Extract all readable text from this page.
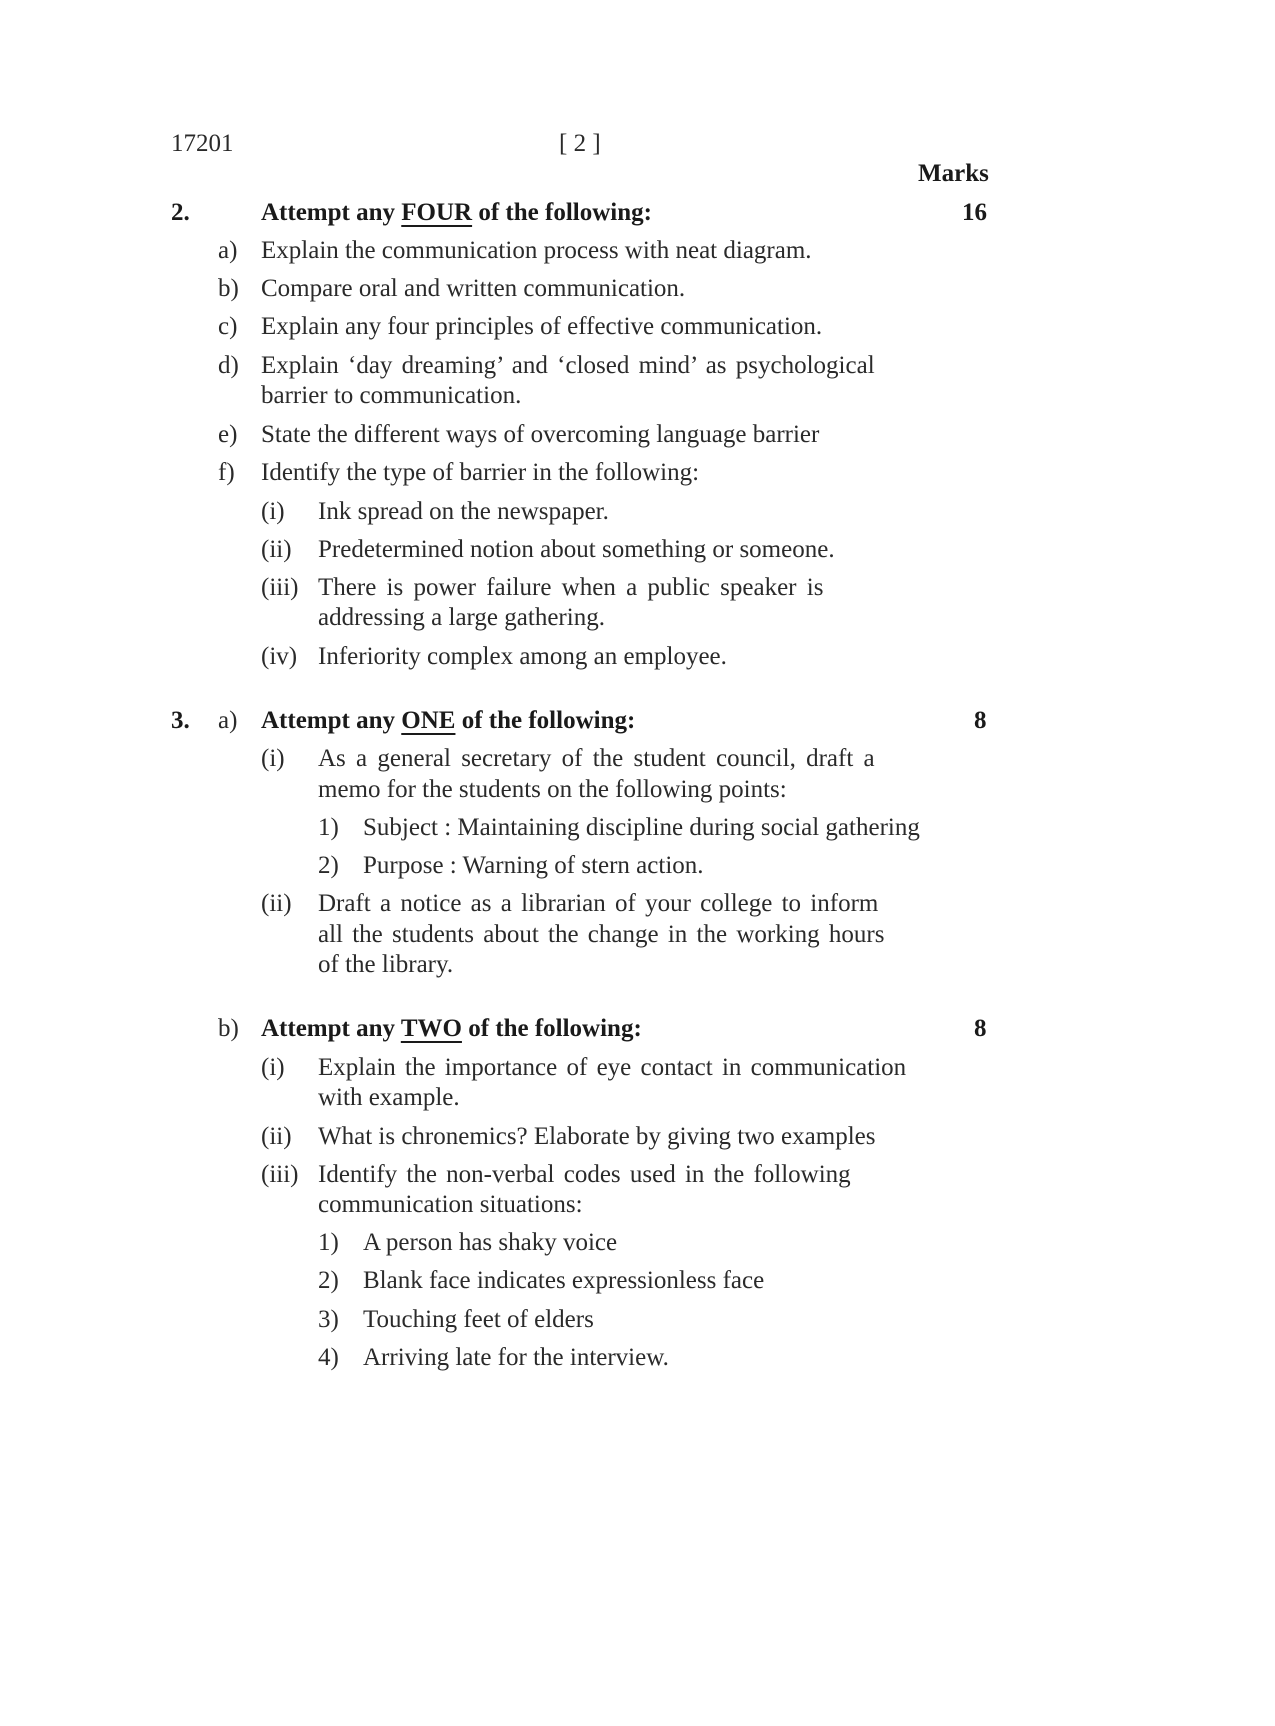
17201	[ 2 ]
Marks
2.	Attempt any FOUR of the following:	16
a) Explain the communication process with neat diagram.
b) Compare oral and written communication.
c) Explain any four principles of effective communication.
d) Explain ‘day dreaming’ and ‘closed mind’ as psychological
barrier to communication.
e) State the different ways of overcoming language barrier
f) Identify the type of barrier in the following:
(i) Ink spread on the newspaper.
(ii) Predetermined notion about something or someone.
(iii) There is power failure when a public speaker is
addressing a large gathering.
(iv) Inferiority complex among an employee.
3. a) Attempt any ONE of the following:	8
(i) As a general secretary of the student council, draft a
memo for the students on the following points:
1) Subject : Maintaining discipline during social gathering
2) Purpose : Warning of stern action.
(ii) Draft a notice as a librarian of your college to inform
all the students about the change in the working hours
of the library.
b) Attempt any TWO of the following:	8
(i) Explain the importance of eye contact in communication
with example.
(ii) What is chronemics? Elaborate by giving two examples
(iii) Identify the non-verbal codes used in the following
communication situations:
1) A person has shaky voice
2) Blank face indicates expressionless face
3) Touching feet of elders
4) Arriving late for the interview.
